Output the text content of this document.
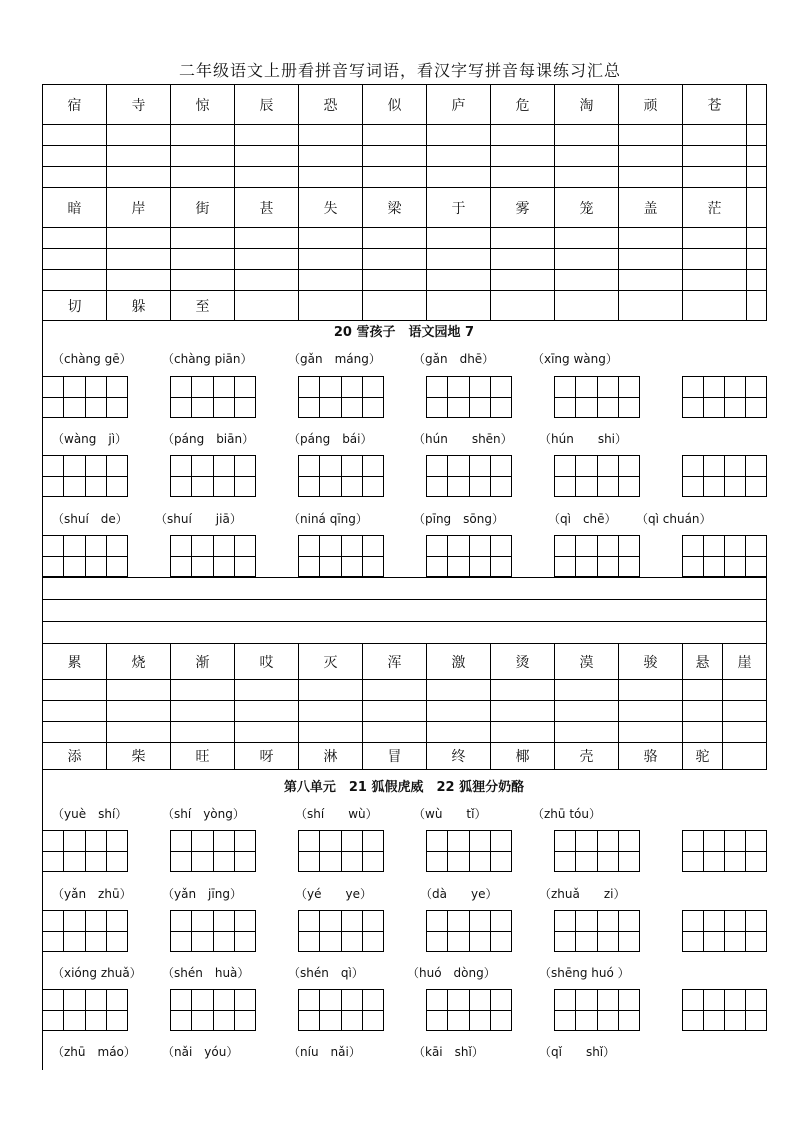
二年级语文上册看拼音写词语，看汉字写拼音每课练习汇总
宿	寺	惊	辰	恐	似	庐	危	淘	顽	苍	

暗	岸	街	甚	失	梁	于	雾	笼	盖	茫	

切	躲	至									
20 雪孩子　语文园地 7
（chàng gē）	（chàng piān）	（gǎn　máng）	（gǎn　dhē）	（xīng wàng）
（wàng　jì）	（páng　biān）	（páng　bái）	（hún　　shēn） （hún　　shi）
（shuí　de） （shuí　　jiā）	（niná qīng）	（pīng　sōng）	（qì　chē） （qì chuán）

累	烧	渐	哎	灭	浑	激	烫	漠	骏	悬	崖

添	柴	旺	呀	淋	冒	终	椰	壳	骆	驼	
第八单元　21 狐假虎威　22 狐狸分奶酪
（yuè　shí）	（shí　yòng）	（shí　　wù）	（wù　　tǐ）	（zhū tóu）
（yǎn　zhū）	（yǎn　jīng）	（yé　　ye）	（dà　　ye）	（zhuǎ　　zi）
（xióng zhuǎ） （shén　huà）	（shén　qì）	（huó　dòng）	（shēng huó ）
（zhū　máo） （nǎi　yóu）	（níu　nǎi）	（kāi　shǐ）	（qǐ　　shǐ）
